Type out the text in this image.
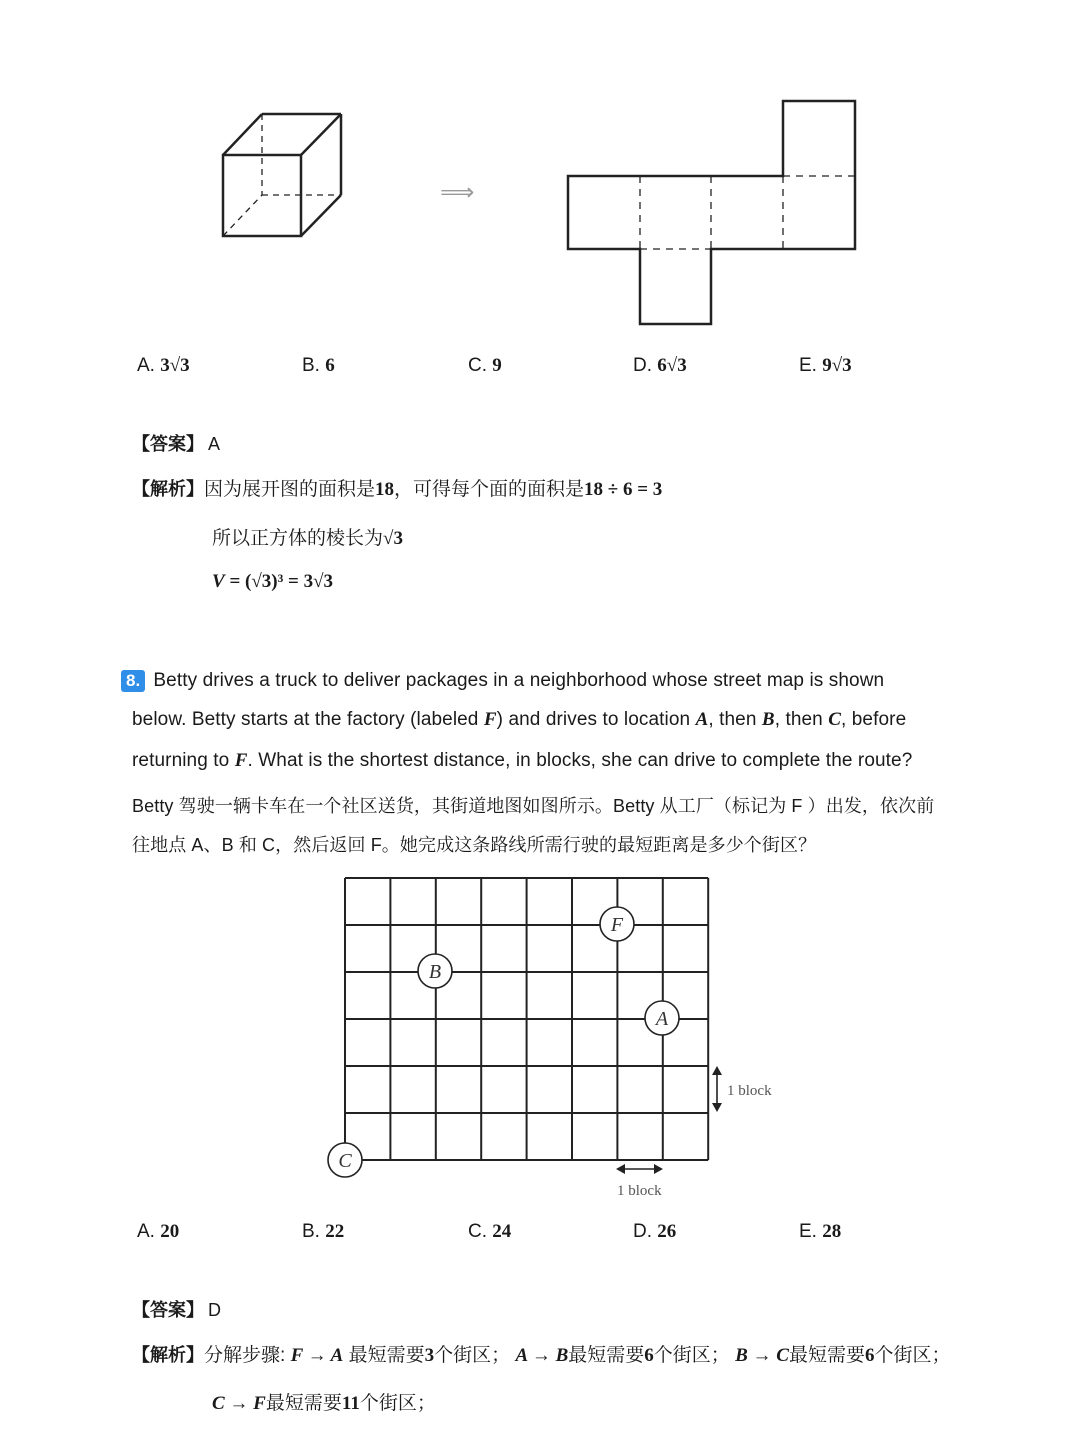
⟹
A. 3√3	B. 6	C. 9	D. 6√3	E. 9√3
【答案】 A
【解析】因为展开图的面积是18，可得每个面的面积是18 ÷ 6 = 3
所以正方体的棱长为√3
V = (√3)³ = 3√3
8. Betty drives a truck to deliver packages in a neighborhood whose street map is shown
below. Betty starts at the factory (labeled F) and drives to location A, then B, then C, before
returning to F. What is the shortest distance, in blocks, she can drive to complete the route?
Betty 驾驶一辆卡车在一个社区送货，其街道地图如图所示。Betty 从工厂（标记为 F ）出发，依次前
往地点 A、B 和 C，然后返回 F。她完成这条路线所需行驶的最短距离是多少个街区？
F
B
A
C
1 block
1 block
A. 20	B. 22	C. 24	D. 26	E. 28
【答案】 D
【解析】分解步骤: F → A 最短需要3个街区； A → B最短需要6个街区； B → C最短需要6个街区；
C → F最短需要11个街区；
